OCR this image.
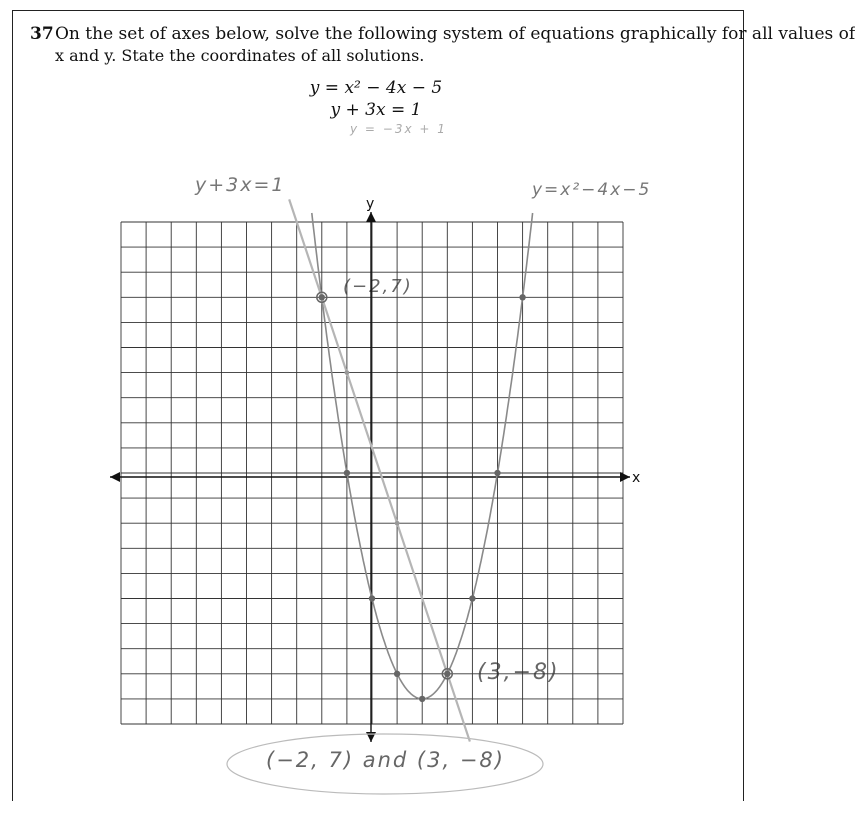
37 On the set of axes below, solve the following system of equations graphically for all values of
x and y. State the coordinates of all solutions.
y = x² − 4x − 5
y + 3x = 1
y = −3x + 1
y+3x=1	y=x²−4x−5
(−2,7)
(3,−8)
(−2, 7) and (3, −8)
x
y
